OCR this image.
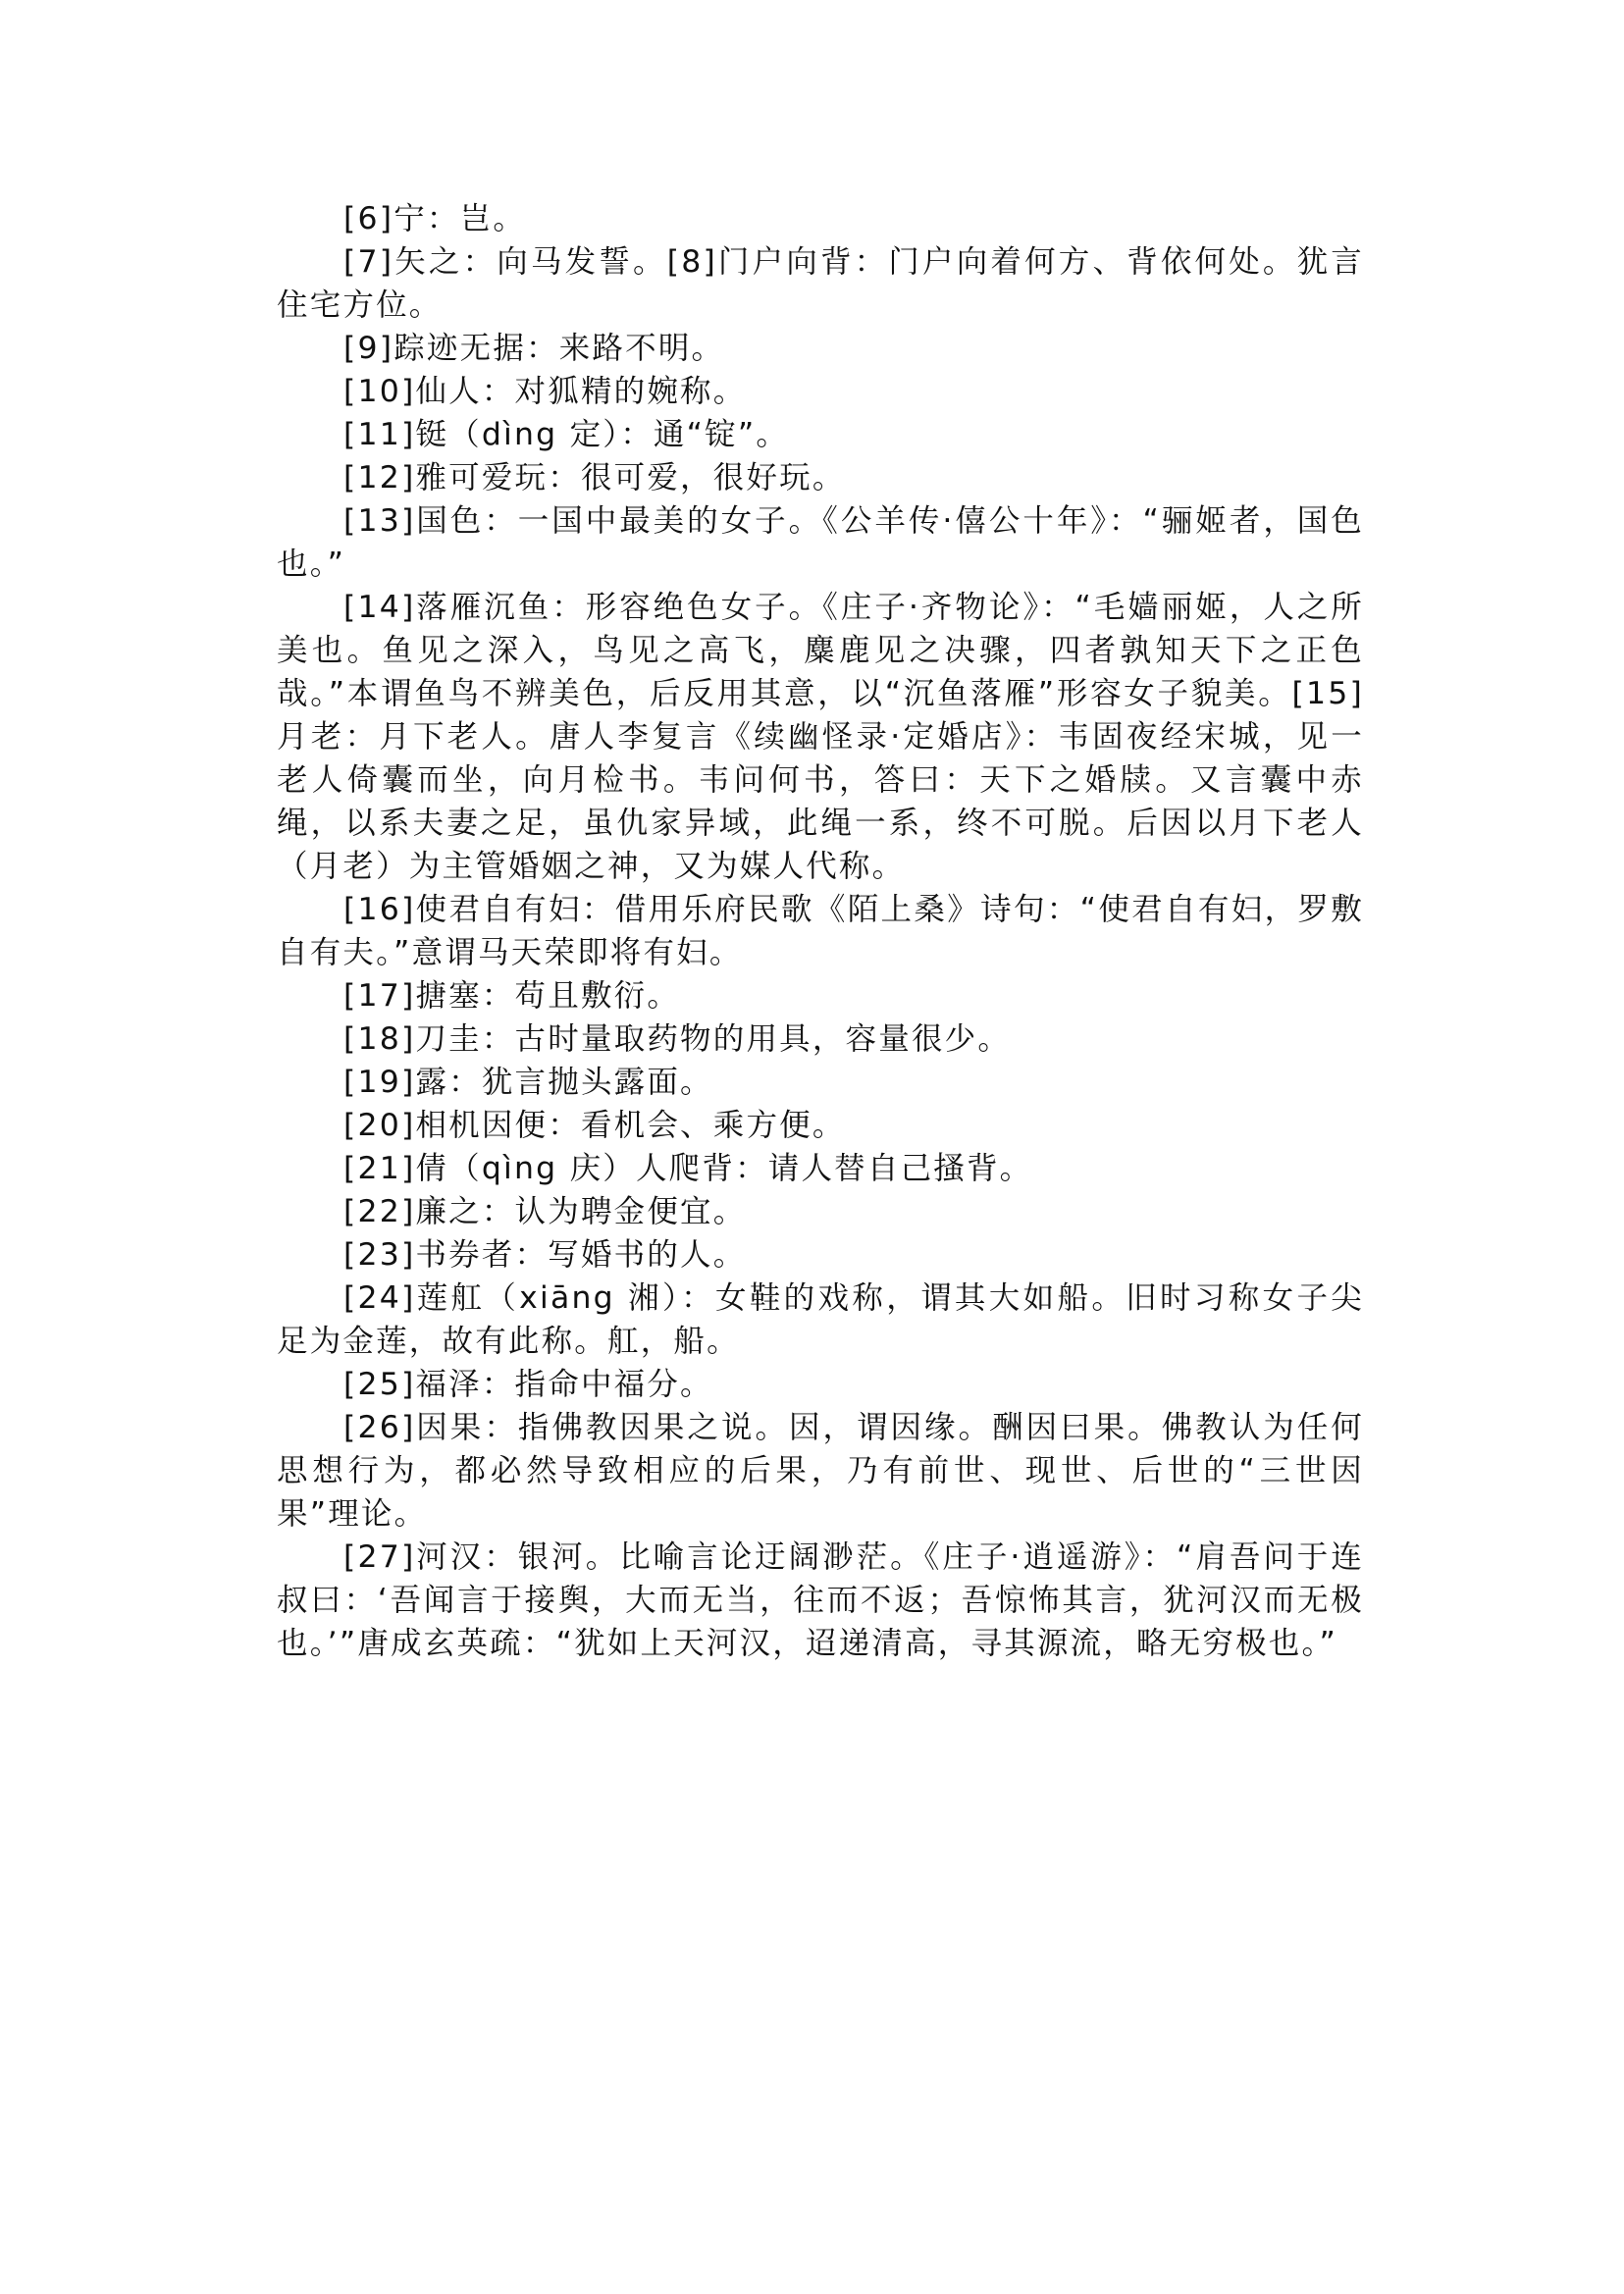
[6]宁：岂。

[7]矢之：向马发誓。[8]门户向背：门户向着何方、背依何处。犹言住宅方位。

[9]踪迹无据：来路不明。

[10]仙人：对狐精的婉称。

[11]铤（dìng 定）：通“锭”。

[12]雅可爱玩：很可爱，很好玩。

[13]国色：一国中最美的女子。《公羊传·僖公十年》：“骊姬者，国色也。”

[14]落雁沉鱼：形容绝色女子。《庄子·齐物论》：“毛嫱丽姬，人之所美也。鱼见之深入，鸟见之高飞，麋鹿见之决骤，四者孰知天下之正色哉。”本谓鱼鸟不辨美色，后反用其意，以“沉鱼落雁”形容女子貌美。[15]月老：月下老人。唐人李复言《续幽怪录·定婚店》：韦固夜经宋城，见一老人倚囊而坐，向月检书。韦问何书，答曰：天下之婚牍。又言囊中赤绳，以系夫妻之足，虽仇家异域，此绳一系，终不可脱。后因以月下老人（月老）为主管婚姻之神，又为媒人代称。

[16]使君自有妇：借用乐府民歌《陌上桑》诗句：“使君自有妇，罗敷自有夫。”意谓马天荣即将有妇。

[17]搪塞：苟且敷衍。

[18]刀圭：古时量取药物的用具，容量很少。

[19]露：犹言抛头露面。

[20]相机因便：看机会、乘方便。

[21]倩（qìng 庆）人爬背：请人替自己搔背。

[22]廉之：认为聘金便宜。

[23]书券者：写婚书的人。

[24]莲舡（xiāng 湘）：女鞋的戏称，谓其大如船。旧时习称女子尖足为金莲，故有此称。舡，船。

[25]福泽：指命中福分。

[26]因果：指佛教因果之说。因，谓因缘。酬因曰果。佛教认为任何思想行为，都必然导致相应的后果，乃有前世、现世、后世的“三世因果”理论。

[27]河汉：银河。比喻言论迂阔渺茫。《庄子·逍遥游》：“肩吾问于连叔曰：‘吾闻言于接舆，大而无当，往而不返；吾惊怖其言，犹河汉而无极也。’”唐成玄英疏：“犹如上天河汉，迢递清高，寻其源流，略无穷极也。”
